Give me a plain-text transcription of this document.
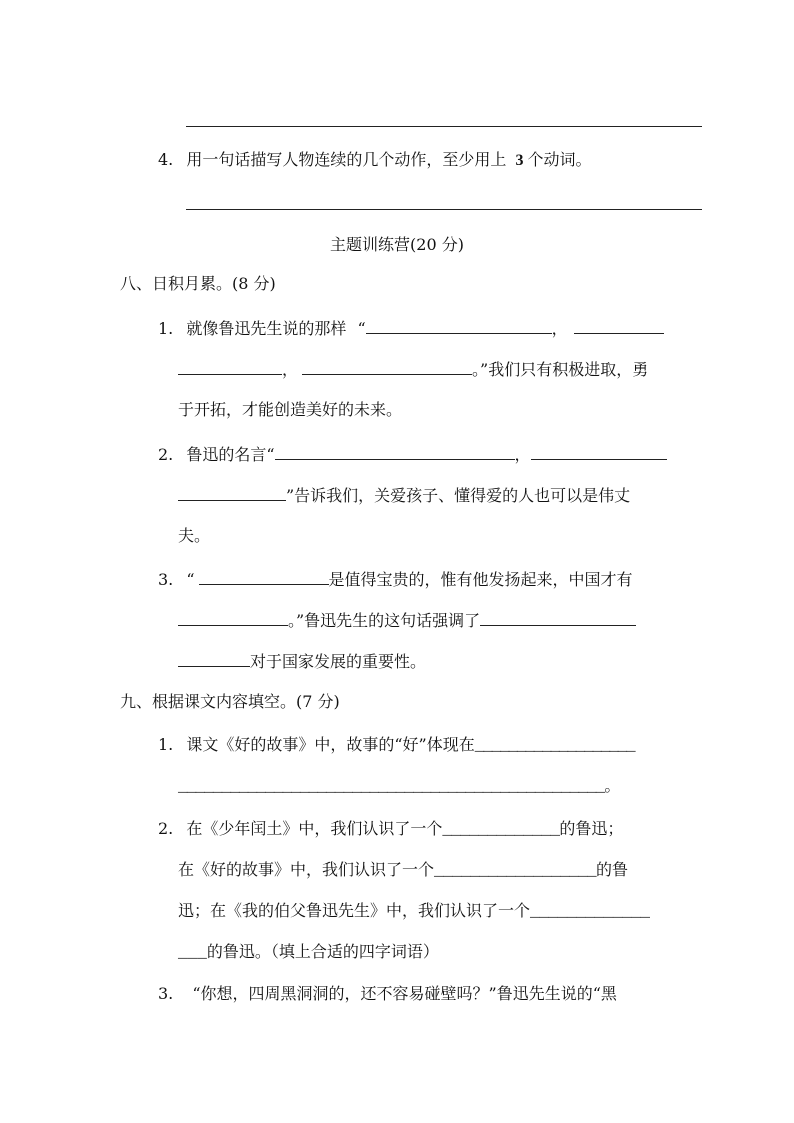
4. 用一句话描写人物连续的几个动作，至少用上 3 个动词。
主题训练营(20 分)
八、日积月累。(8 分)
1. 就像鲁迅先生说的那样 “	，
，	。”我们只有积极进取，勇
于开拓，才能创造美好的未来。
2. 鲁迅的名言“	，
”告诉我们，关爱孩子、懂得爱的人也可以是伟丈
夫。
3. “	是值得宝贵的，惟有他发扬起来，中国才有
。”鲁迅先生的这句话强调了
对于国家发展的重要性。
九、根据课文内容填空。(7 分)
1. 课文《好的故事》中，故事的“好”体现在___________________
_________________________________________________。
2. 在《少年闰土》中，我们认识了一个_____________的鲁迅；
在《好的故事》中，我们认识了一个__________________的鲁
迅；在《我的伯父鲁迅先生》中，我们认识了一个_____________
___的鲁迅。（填上合适的四字词语）
3. “你想，四周黑洞洞的，还不容易碰壁吗？”鲁迅先生说的“黑
